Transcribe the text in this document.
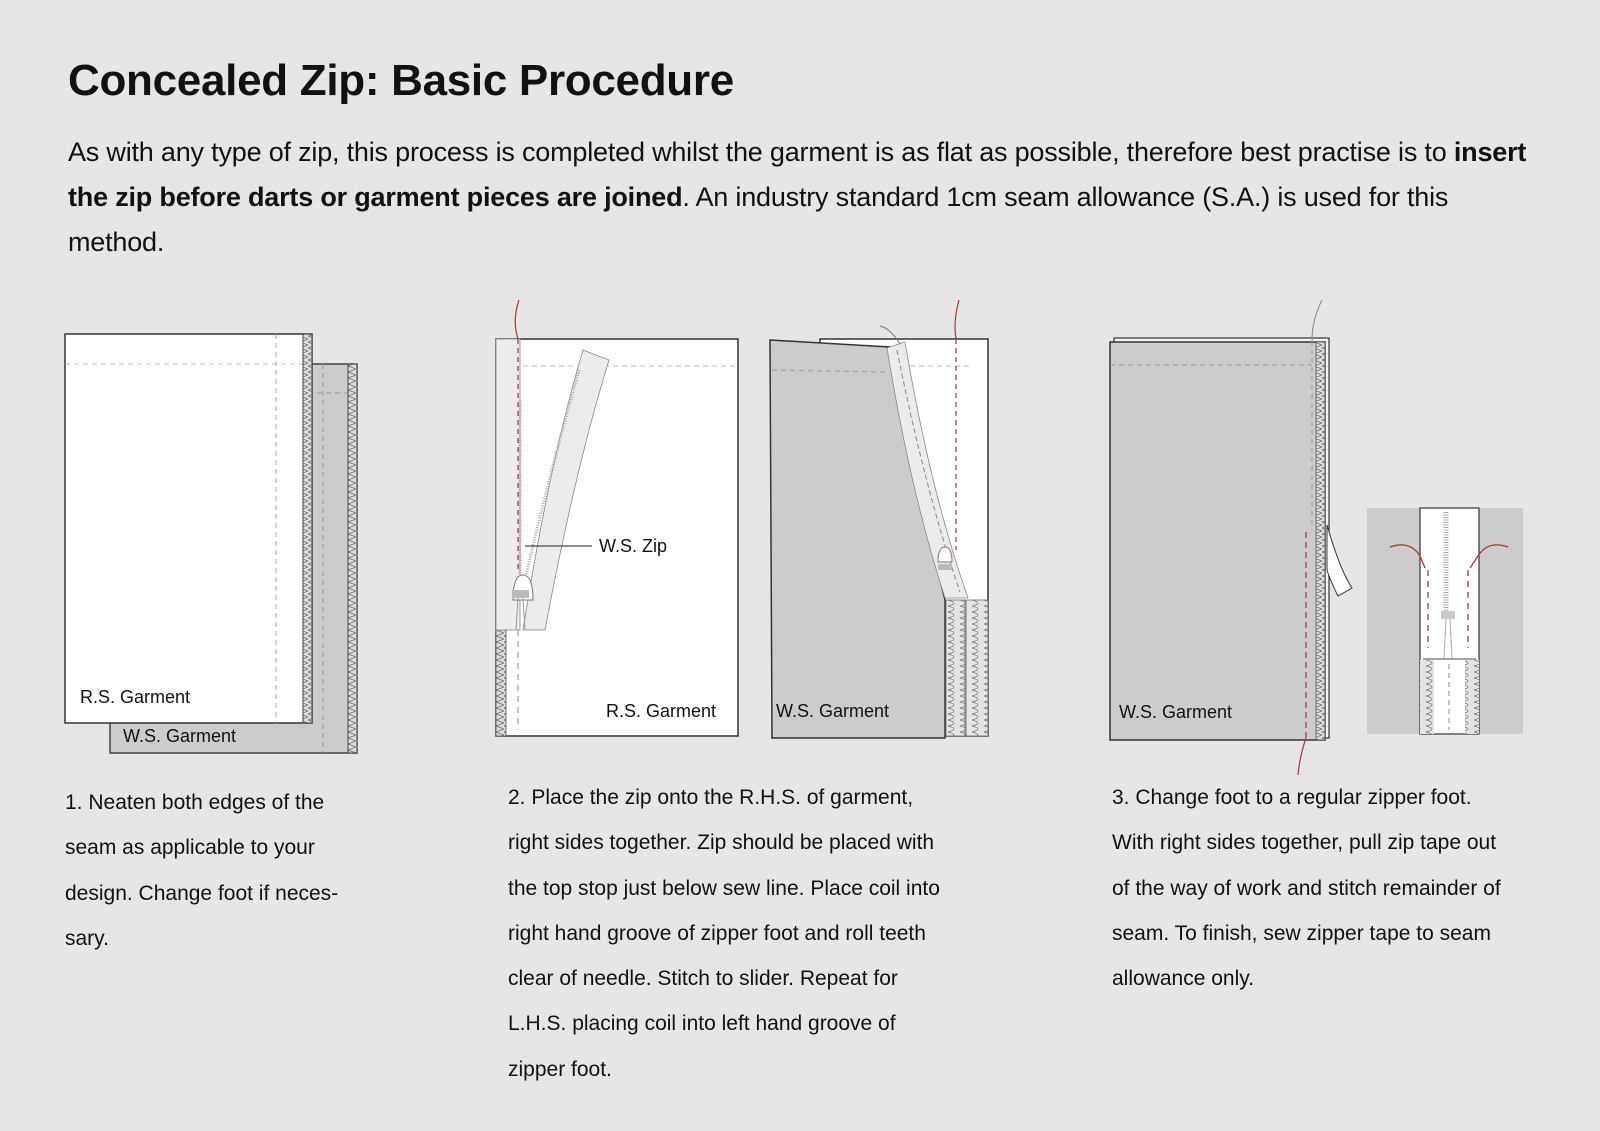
Concealed Zip: Basic Procedure

As with any type of zip, this process is completed whilst the garment is as flat as possible, therefore best practise is to insert the zip before darts or garment pieces are joined. An industry standard 1cm seam allowance (S.A.) is used for this method.

W.S. Garment
R.S. Garment
W.S. Zip
R.S. Garment	W.S. Garment	W.S. Garment
1. Neaten both edges of the
seam as applicable to your
design. Change foot if neces-
sary.
2. Place the zip onto the R.H.S. of garment,
right sides together. Zip should be placed with
the top stop just below sew line. Place coil into
right hand groove of zipper foot and roll teeth
clear of needle. Stitch to slider. Repeat for
L.H.S. placing coil into left hand groove of
zipper foot.
3. Change foot to a regular zipper foot.
With right sides together, pull zip tape out
of the way of work and stitch remainder of
seam. To finish, sew zipper tape to seam
allowance only.
